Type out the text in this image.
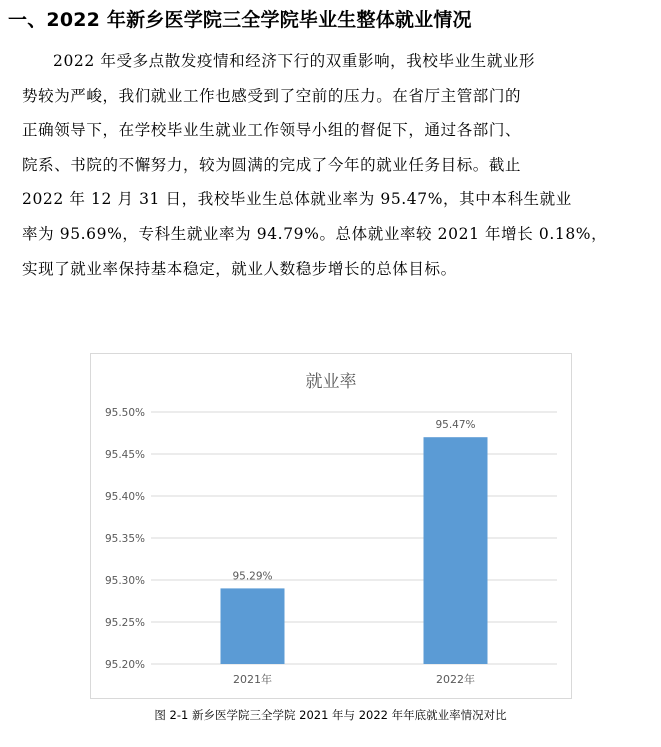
一、2022 年新乡医学院三全学院毕业生整体就业情况
2022 年受多点散发疫情和经济下行的双重影响，我校毕业生就业形
势较为严峻，我们就业工作也感受到了空前的压力。在省厅主管部门的
正确领导下，在学校毕业生就业工作领导小组的督促下，通过各部门、
院系、书院的不懈努力，较为圆满的完成了今年的就业任务目标。截止
2022 年 12 月 31 日，我校毕业生总体就业率为 95.47%，其中本科生就业
率为 95.69%，专科生就业率为 94.79%。总体就业率较 2021 年增长 0.18%，
实现了就业率保持基本稳定，就业人数稳步增长的总体目标。
就业率
95.20%
95.25%
95.30%
95.35%
95.40%
95.45%
95.50%
95.29%
2021年
95.47%
2022年
图 2-1 新乡医学院三全学院 2021 年与 2022 年年底就业率情况对比
